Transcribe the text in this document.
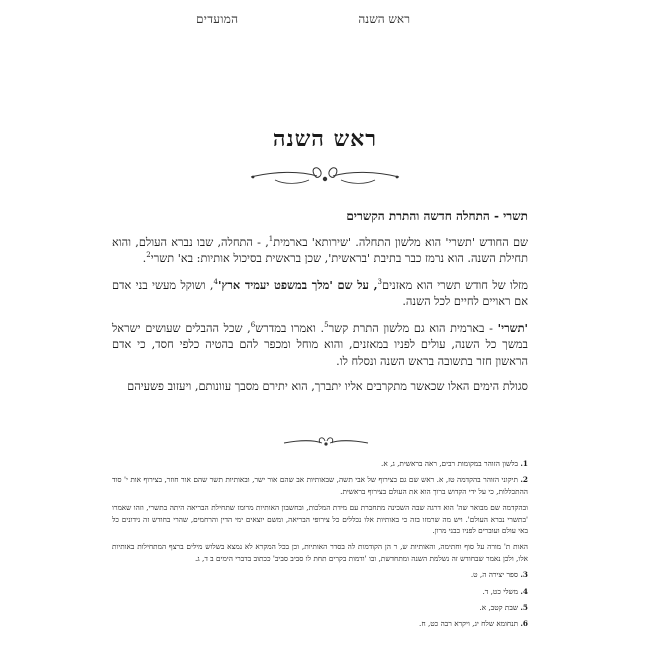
המועדים	ראש השנה
ראש השנה
תשרי - התחלה חדשה והתרת הקשרים

שם החודש 'תשרי' הוא מלשון התחלה. 'שירותא' בארמית$^1$, - התחלה, שבו נברא העולם, והוא תחילת השנה. הוא נרמז כבר בתיבת 'בראשית', שכן בראשית בסיכול אותיות: בא' תשרי$^2$.

מזלו של חודש תשרי הוא מאזנים$^3$, על שם 'מלך במשפט יעמיד $ארץ'^4$, ושוקל מעשי בני אדם אם ראויים לחיים לכל השנה.

'תשרי' - בארמית הוא גם מלשון התרת קשר$^5$. ואמרו במדרש$^6$, שכל ההבלים שעושים ישראל במשך כל השנה, עולים לפניו במאזנים, והוא מוחל ומכפר להם בהטיה כלפי חסד, כי אדם הראשון חזר בתשובה בראש השנה ונסלח לו.

סגולת הימים האלו שכאשר מתקרבים אליו יתברך, הוא יתירם מסבך עוונותם, ויעזוב פשעיהם

1. בלשון הזוהר במקומות רבים, ראה בראשית, ג, א.
2. תיקוני הזוהר בהקדמה טז, א. ראש שם גם בצירוף של אבי תשה, שבאותיות אב שהם אור ישר, ובאותיות תשר שהם אור חוזר, בצירוף אות י' סוד ההתכללות, כי על ידי הקדוש ברוך הוא את העולם בצירוף בראשית.
ובהקדמה שם מבואר שה' הוא דרגה שבה השכינה מתחברת עם מידת המלכות, ובחשבון האותיות מרומז שתחילת הבריאה היתה בתשרי, וזהו שאמרו 'בתשרי נברא העולם'. ויש מה שרמזו בזה כי באותיות אלו נכללים כל צירופי הבריאה, ומשם יוצאים ימי הדין והרחמים, שהרי בחודש זה נידונים כל באי עולם ועוברים לפניו כבני מרון.
האות ת' מורה על סוף וחתימה, והאותיות ש, ר הן הקודמות לה בסדר האותיות, וכן בכל המקרא לא נמצא בשלוש מילים ברצף המתחילות באותיות אלו, ולכן נאמר שבחודש זה נשלמת השנה ומתחדשת, ובו 'ודמות בקרים תחת לו סביב סביב' ככתוב בדברי הימים ב ד, ג.
3. ספר יצירה ה, ט.
4. משלי כט, ד.
5. שבת קטב, א.
6. תנחומא שלח יג, ויקרא רבה כט, ח.
